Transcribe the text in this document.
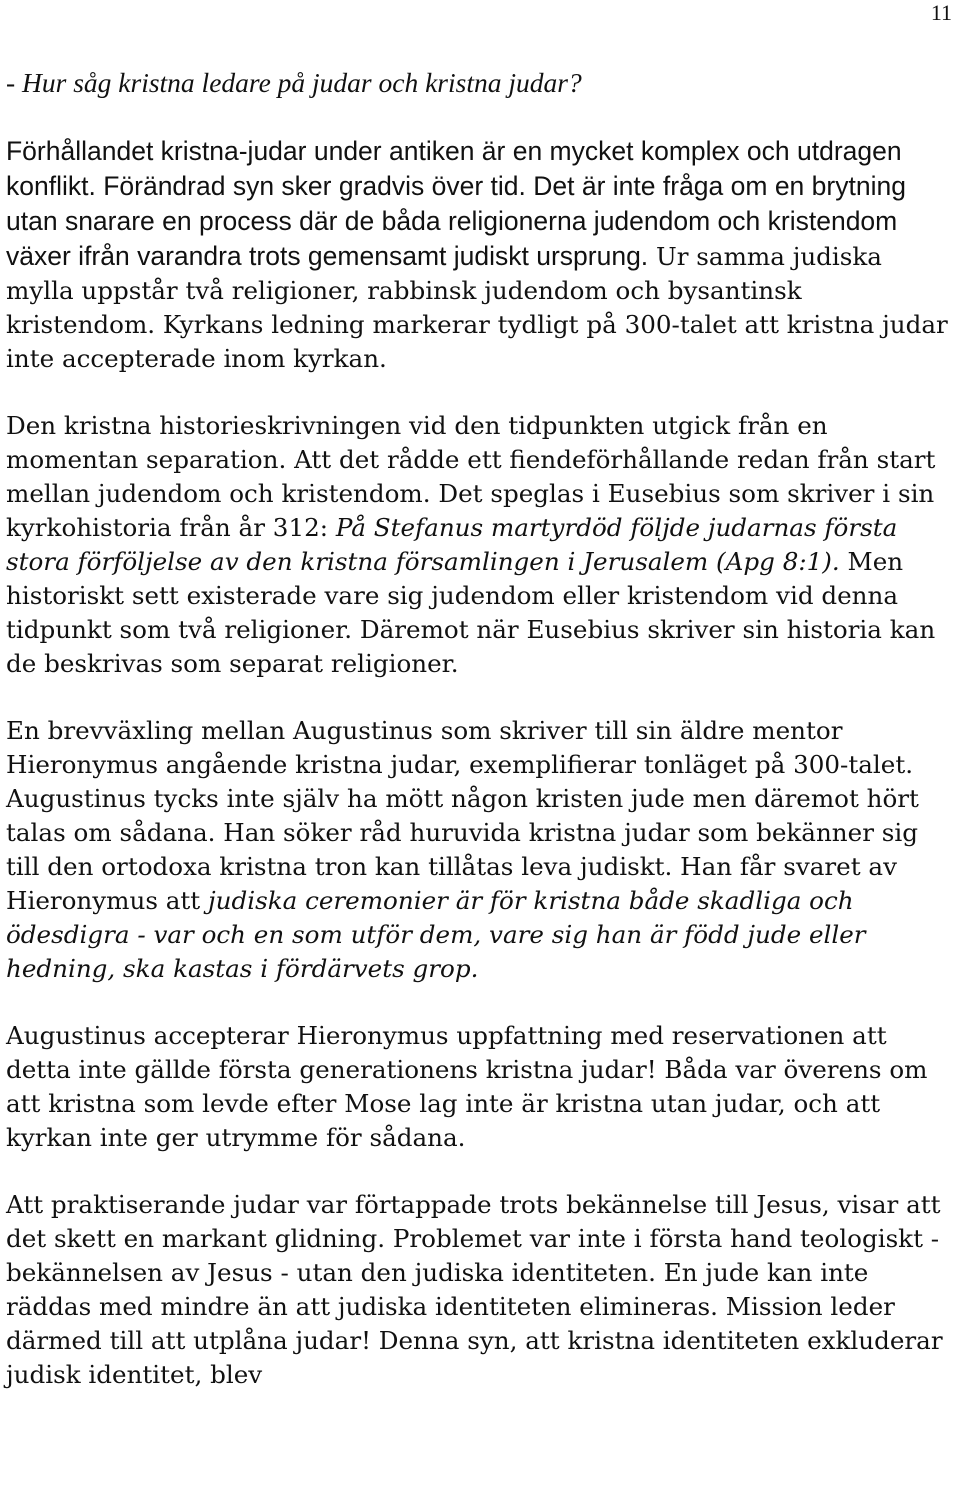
11

- Hur såg kristna ledare på judar och kristna judar?

Förhållandet kristna-judar under antiken är en mycket komplex och utdragen konflikt. Förändrad syn sker gradvis över tid. Det är inte fråga om en brytning utan snarare en process där de båda religionerna judendom och kristendom växer ifrån varandra trots gemensamt judiskt ursprung. Ur samma judiska mylla uppstår två religioner, rabbinsk judendom och bysantinsk kristendom. Kyrkans ledning markerar tydligt på 300-talet att kristna judar inte accepterade inom kyrkan.

Den kristna historieskrivningen vid den tidpunkten utgick från en momentan separation. Att det rådde ett fiendeförhållande redan från start mellan judendom och kristendom. Det speglas i Eusebius som skriver i sin kyrkohistoria från år 312: På Stefanus martyrdöd följde judarnas första stora förföljelse av den kristna församlingen i Jerusalem (Apg 8:1). Men historiskt sett existerade vare sig judendom eller kristendom vid denna tidpunkt som två religioner. Däremot när Eusebius skriver sin historia kan de beskrivas som separat religioner.

En brevväxling mellan Augustinus som skriver till sin äldre mentor Hieronymus angående kristna judar, exemplifierar tonläget på 300-talet. Augustinus tycks inte själv ha mött någon kristen jude men däremot hört talas om sådana. Han söker råd huruvida kristna judar som bekänner sig till den ortodoxa kristna tron kan tillåtas leva judiskt. Han får svaret av Hieronymus att judiska ceremonier är för kristna både skadliga och ödesdigra - var och en som utför dem, vare sig han är född jude eller hedning, ska kastas i fördärvets grop.

Augustinus accepterar Hieronymus uppfattning med reservationen att detta inte gällde första generationens kristna judar! Båda var överens om att kristna som levde efter Mose lag inte är kristna utan judar, och att kyrkan inte ger utrymme för sådana.

Att praktiserande judar var förtappade trots bekännelse till Jesus, visar att det skett en markant glidning. Problemet var inte i första hand teologiskt - bekännelsen av Jesus - utan den judiska identiteten. En jude kan inte räddas med mindre än att judiska identiteten elimineras. Mission leder därmed till att utplåna judar! Denna syn, att kristna identiteten exkluderar judisk identitet, blev
